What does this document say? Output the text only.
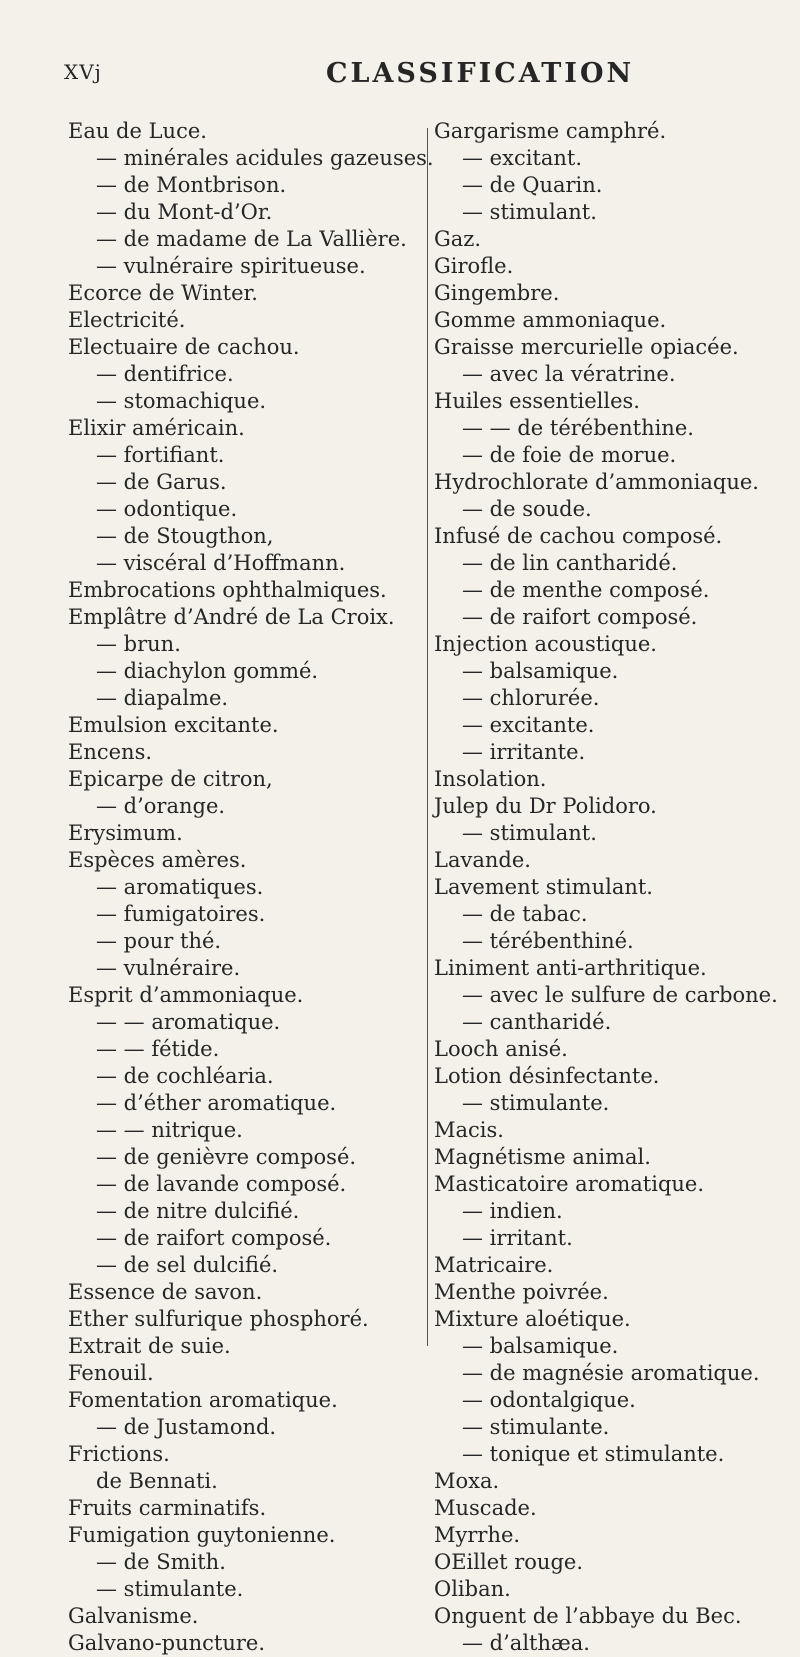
XVj	CLASSIFICATION
Eau de Luce.
— minérales acidules gazeuses.
— de Montbrison.
— du Mont-d’Or.
— de madame de La Vallière.
— vulnéraire spiritueuse.
Ecorce de Winter.
Electricité.
Electuaire de cachou.
— dentifrice.
— stomachique.
Elixir américain.
— fortifiant.
— de Garus.
— odontique.
— de Stougthon,
— viscéral d’Hoffmann.
Embrocations ophthalmiques.
Emplâtre d’André de La Croix.
— brun.
— diachylon gommé.
— diapalme.
Emulsion excitante.
Encens.
Epicarpe de citron,
— d’orange.
Erysimum.
Espèces amères.
— aromatiques.
— fumigatoires.
— pour thé.
— vulnéraire.
Esprit d’ammoniaque.
— — aromatique.
— — fétide.
— de cochléaria.
— d’éther aromatique.
— — nitrique.
— de genièvre composé.
— de lavande composé.
— de nitre dulcifié.
— de raifort composé.
— de sel dulcifié.
Essence de savon.
Ether sulfurique phosphoré.
Extrait de suie.
Fenouil.
Fomentation aromatique.
— de Justamond.
Frictions.
de Bennati.
Fruits carminatifs.
Fumigation guytonienne.
— de Smith.
— stimulante.
Galvanisme.
Galvano-puncture.
Gargarisme camphré.
— excitant.
— de Quarin.
— stimulant.
Gaz.
Girofle.
Gingembre.
Gomme ammoniaque.
Graisse mercurielle opiacée.
— avec la vératrine.
Huiles essentielles.
— — de térébenthine.
— de foie de morue.
Hydrochlorate d’ammoniaque.
— de soude.
Infusé de cachou composé.
— de lin cantharidé.
— de menthe composé.
— de raifort composé.
Injection acoustique.
— balsamique.
— chlorurée.
— excitante.
— irritante.
Insolation.
Julep du Dr Polidoro.
— stimulant.
Lavande.
Lavement stimulant.
— de tabac.
— térébenthiné.
Liniment anti-arthritique.
— avec le sulfure de carbone.
— cantharidé.
Looch anisé.
Lotion désinfectante.
— stimulante.
Macis.
Magnétisme animal.
Masticatoire aromatique.
— indien.
— irritant.
Matricaire.
Menthe poivrée.
Mixture aloétique.
— balsamique.
— de magnésie aromatique.
— odontalgique.
— stimulante.
— tonique et stimulante.
Moxa.
Muscade.
Myrrhe.
OEillet rouge.
Oliban.
Onguent de l’abbaye du Bec.
— d’althæa.
